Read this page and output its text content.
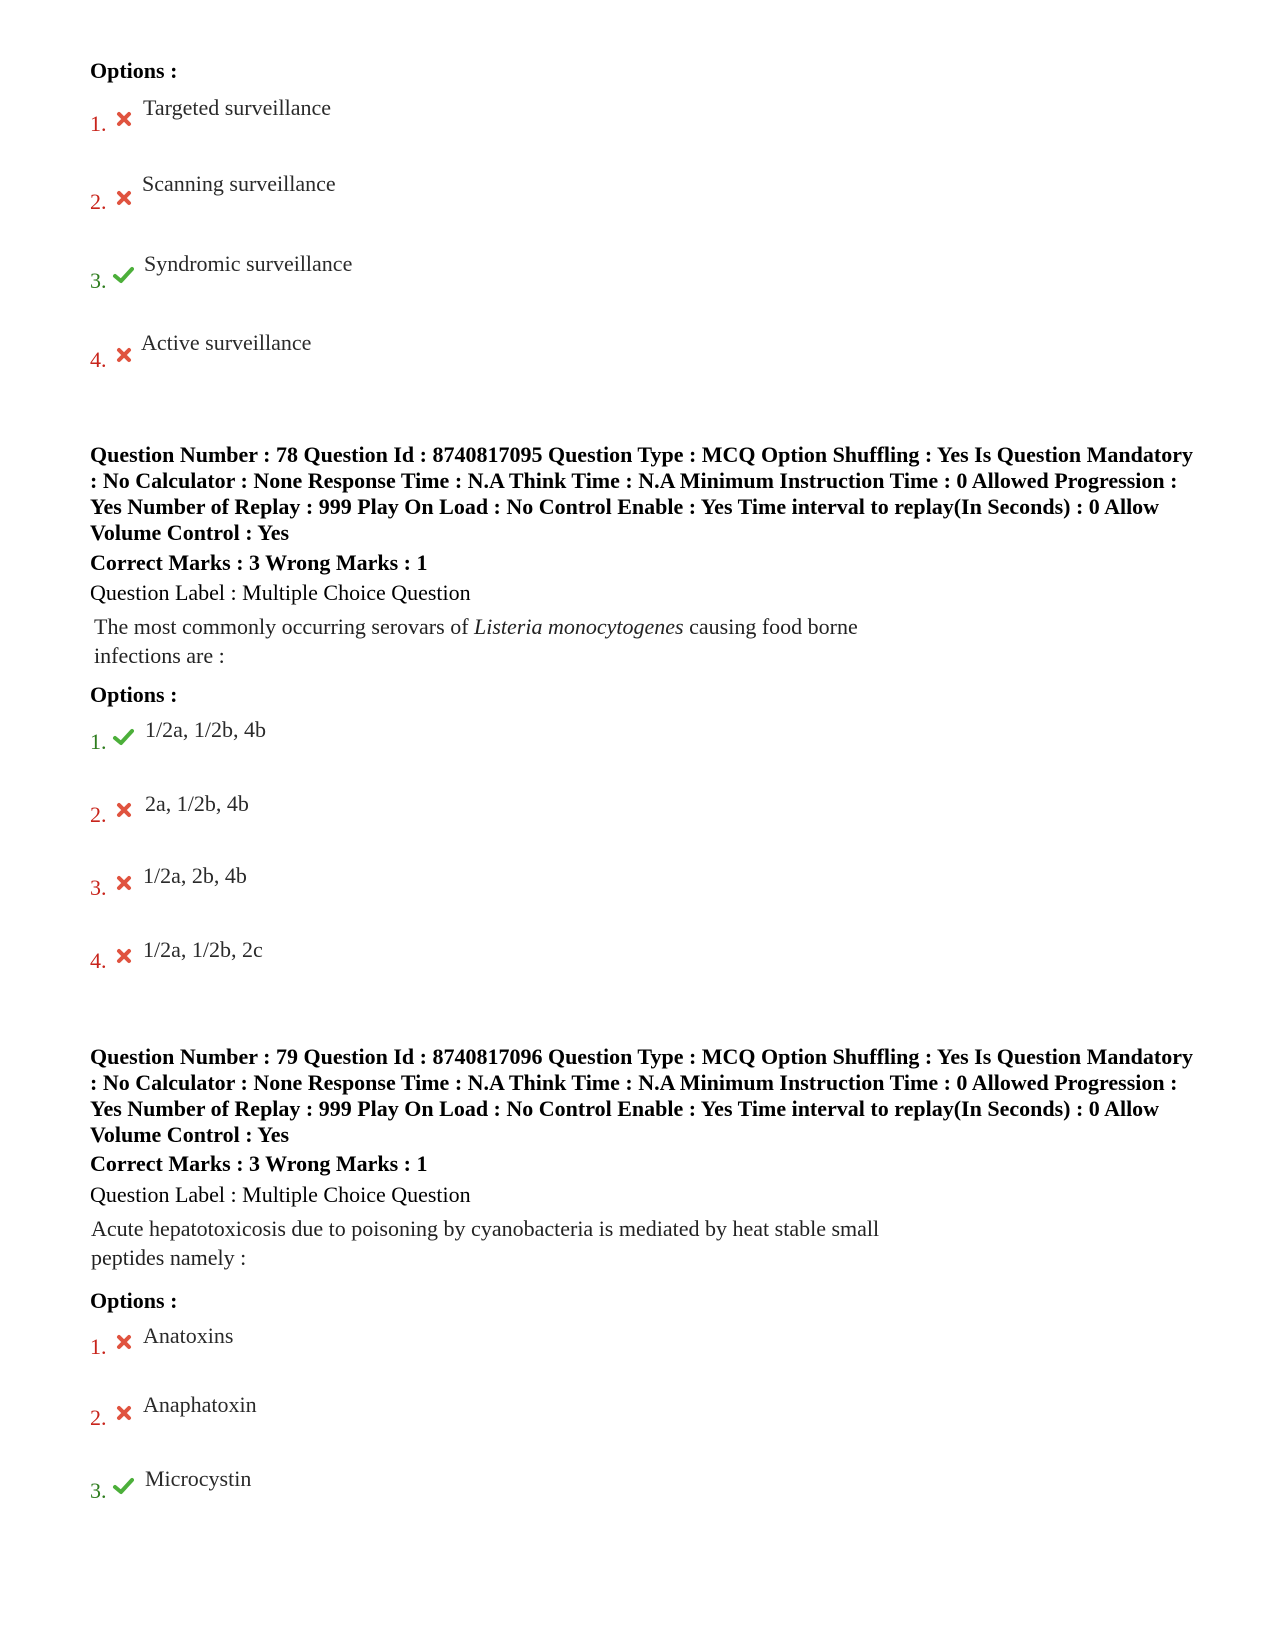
Options :
1.
Targeted surveillance
2.
Scanning surveillance
3.
Syndromic surveillance
4.
Active surveillance
Question Number : 78 Question Id : 8740817095 Question Type : MCQ Option Shuffling : Yes Is Question Mandatory : No Calculator : None Response Time : N.A Think Time : N.A Minimum Instruction Time : 0 Allowed Progression : Yes Number of Replay : 999 Play On Load : No Control Enable : Yes Time interval to replay(In Seconds) : 0 Allow Volume Control : Yes
Correct Marks : 3 Wrong Marks : 1
Question Label : Multiple Choice Question
The most commonly occurring serovars of Listeria monocytogenes causing food borne
infections are :
Options :
1. 1/2a, 1/2b, 4b
2. 2a, 1/2b, 4b
3. 1/2a, 2b, 4b
4. 1/2a, 1/2b, 2c
Question Number : 79 Question Id : 8740817096 Question Type : MCQ Option Shuffling : Yes Is Question Mandatory : No Calculator : None Response Time : N.A Think Time : N.A Minimum Instruction Time : 0 Allowed Progression : Yes Number of Replay : 999 Play On Load : No Control Enable : Yes Time interval to replay(In Seconds) : 0 Allow Volume Control : Yes
Correct Marks : 3 Wrong Marks : 1
Question Label : Multiple Choice Question
Acute hepatotoxicosis due to poisoning by cyanobacteria is mediated by heat stable small
peptides namely :
Options :
1. Anatoxins
2.
Anaphatoxin
3. Microcystin
